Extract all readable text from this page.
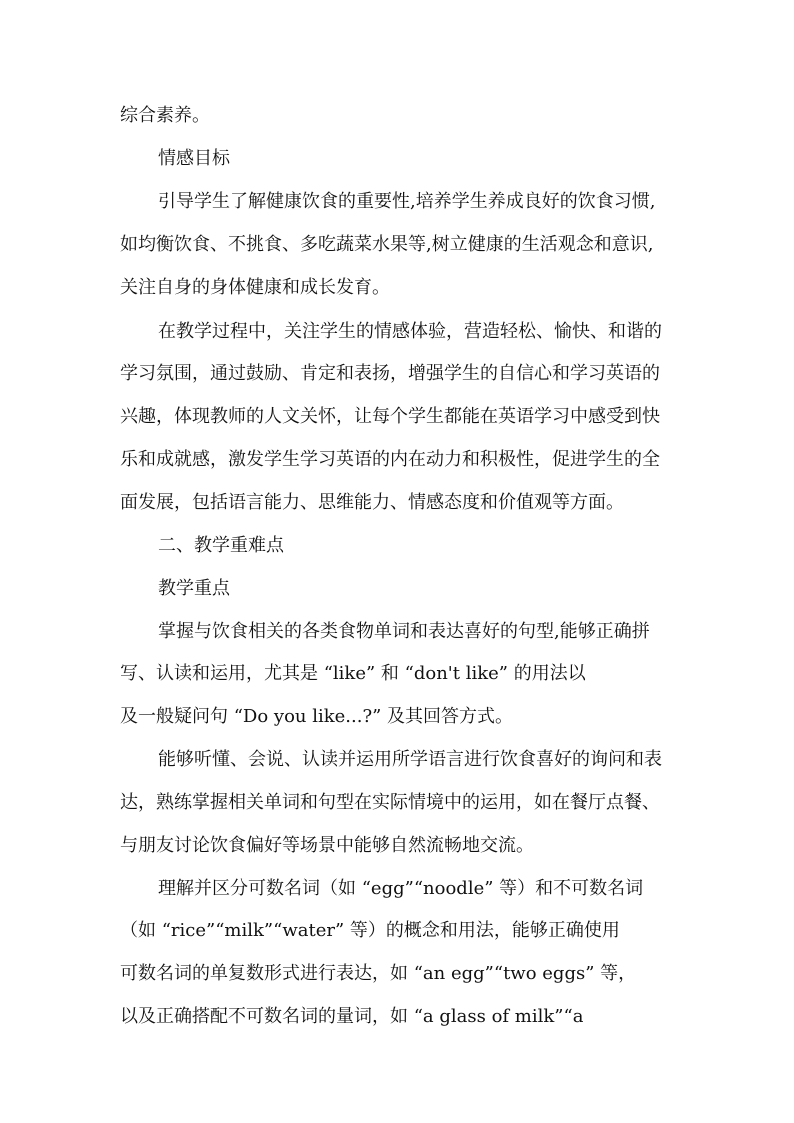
综合素养。
情感目标
引导学生了解健康饮食的重要性,培养学生养成良好的饮食习惯,
如均衡饮食、不挑食、多吃蔬菜水果等,树立健康的生活观念和意识,
关注自身的身体健康和成长发育。
在教学过程中，关注学生的情感体验，营造轻松、愉快、和谐的
学习氛围，通过鼓励、肯定和表扬，增强学生的自信心和学习英语的
兴趣，体现教师的人文关怀，让每个学生都能在英语学习中感受到快
乐和成就感，激发学生学习英语的内在动力和积极性，促进学生的全
面发展，包括语言能力、思维能力、情感态度和价值观等方面。
二、教学重难点
教学重点
掌握与饮食相关的各类食物单词和表达喜好的句型,能够正确拼
写、认读和运用，尤其是 “like” 和 “don't like” 的用法以
及一般疑问句 “Do you like...?” 及其回答方式。
能够听懂、会说、认读并运用所学语言进行饮食喜好的询问和表
达，熟练掌握相关单词和句型在实际情境中的运用，如在餐厅点餐、
与朋友讨论饮食偏好等场景中能够自然流畅地交流。
理解并区分可数名词（如 “egg”“noodle” 等）和不可数名词
（如 “rice”“milk”“water” 等）的概念和用法，能够正确使用
可数名词的单复数形式进行表达，如 “an egg”“two eggs” 等，
以及正确搭配不可数名词的量词，如 “a glass of milk”“a
